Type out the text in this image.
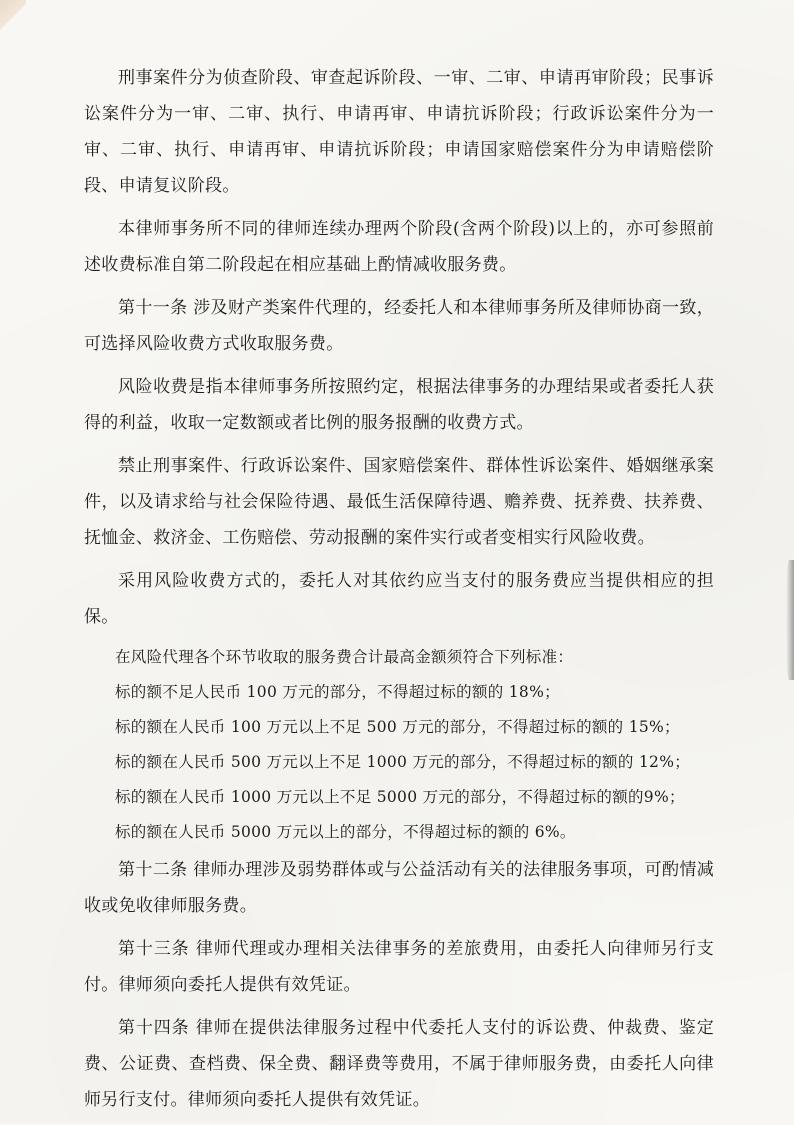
刑事案件分为侦查阶段、审查起诉阶段、一审、二审、申请再审阶段；民事诉讼案件分为一审、二审、执行、申请再审、申请抗诉阶段；行政诉讼案件分为一审、二审、执行、申请再审、申请抗诉阶段；申请国家赔偿案件分为申请赔偿阶段、申请复议阶段。

本律师事务所不同的律师连续办理两个阶段(含两个阶段)以上的，亦可参照前述收费标准自第二阶段起在相应基础上酌情减收服务费。

第十一条 涉及财产类案件代理的，经委托人和本律师事务所及律师协商一致，可选择风险收费方式收取服务费。

风险收费是指本律师事务所按照约定，根据法律事务的办理结果或者委托人获得的利益，收取一定数额或者比例的服务报酬的收费方式。

禁止刑事案件、行政诉讼案件、国家赔偿案件、群体性诉讼案件、婚姻继承案件，以及请求给与社会保险待遇、最低生活保障待遇、赡养费、抚养费、扶养费、抚恤金、救济金、工伤赔偿、劳动报酬的案件实行或者变相实行风险收费。

采用风险收费方式的，委托人对其依约应当支付的服务费应当提供相应的担保。

在风险代理各个环节收取的服务费合计最高金额须符合下列标准：

标的额不足人民币 100 万元的部分，不得超过标的额的 18%；

标的额在人民币 100 万元以上不足 500 万元的部分，不得超过标的额的 15%；

标的额在人民币 500 万元以上不足 1000 万元的部分，不得超过标的额的 12%；

标的额在人民币 1000 万元以上不足 5000 万元的部分，不得超过标的额的9%；

标的额在人民币 5000 万元以上的部分，不得超过标的额的 6%。

第十二条 律师办理涉及弱势群体或与公益活动有关的法律服务事项，可酌情减收或免收律师服务费。

第十三条 律师代理或办理相关法律事务的差旅费用，由委托人向律师另行支付。律师须向委托人提供有效凭证。

第十四条 律师在提供法律服务过程中代委托人支付的诉讼费、仲裁费、鉴定费、公证费、查档费、保全费、翻译费等费用，不属于律师服务费，由委托人向律师另行支付。律师须向委托人提供有效凭证。
